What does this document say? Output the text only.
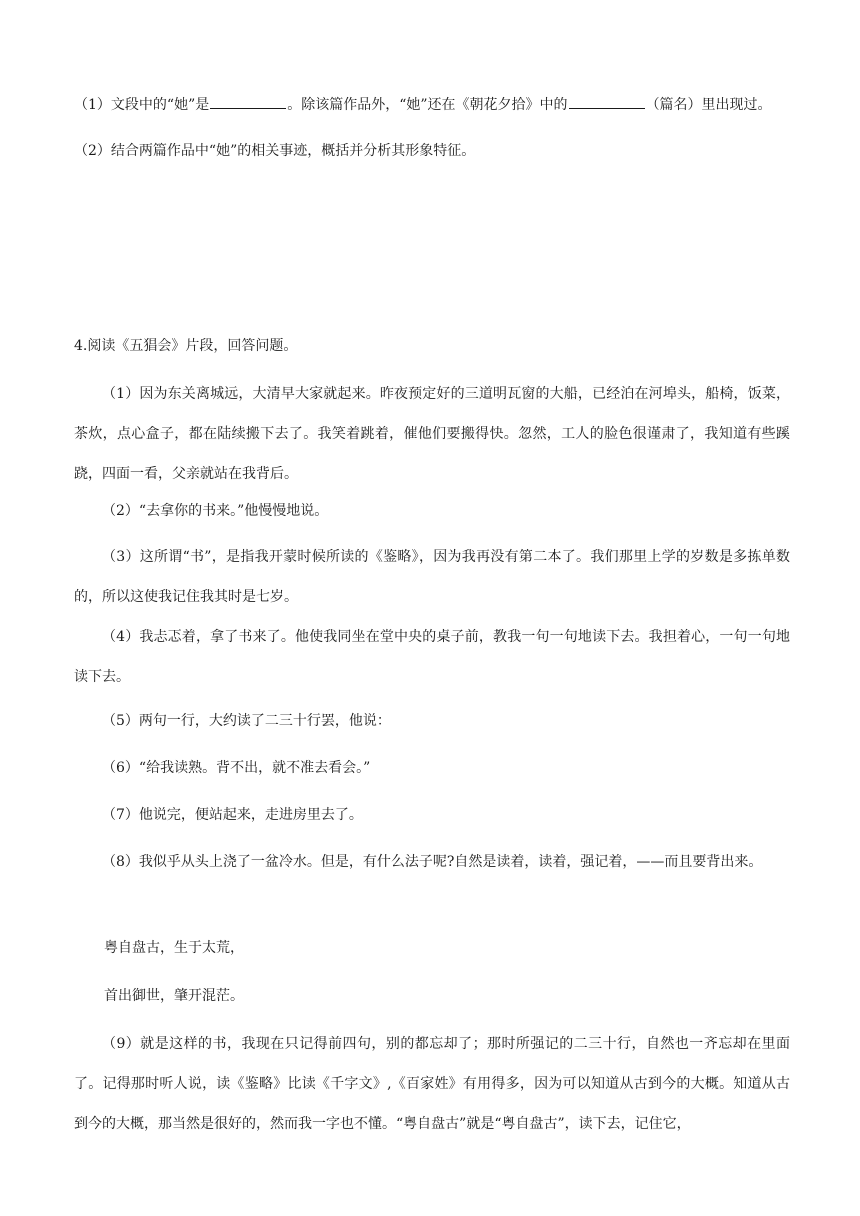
（1）文段中的“她”是	。除该篇作品外，“她”还在《朝花夕拾》中的	（篇名）里出现过。
（2）结合两篇作品中“她”的相关事迹，概括并分析其形象特征。
4.阅读《五猖会》片段，回答问题。
（1）因为东关离城远，大清早大家就起来。昨夜预定好的三道明瓦窗的大船，已经泊在河埠头，船椅，饭菜，茶炊，点心盒子，都在陆续搬下去了。我笑着跳着，催他们要搬得快。忽然，工人的脸色很谨肃了，我知道有些蹊跷，四面一看，父亲就站在我背后。
（2）“去拿你的书来。”他慢慢地说。
（3）这所谓“书”，是指我开蒙时候所读的《鉴略》，因为我再没有第二本了。我们那里上学的岁数是多拣单数的，所以这使我记住我其时是七岁。
（4）我忐忑着，拿了书来了。他使我同坐在堂中央的桌子前，教我一句一句地读下去。我担着心，一句一句地读下去。
（5）两句一行，大约读了二三十行罢，他说：
（6）“给我读熟。背不出，就不准去看会。”
（7）他说完，便站起来，走进房里去了。
（8）我似乎从头上浇了一盆冷水。但是，有什么法子呢?自然是读着，读着，强记着，——而且要背出来。
粤自盘古，生于太荒，
首出御世，肇开混茫。
（9）就是这样的书，我现在只记得前四句，别的都忘却了；那时所强记的二三十行，自然也一齐忘却在里面了。记得那时听人说，读《鉴略》比读《千字文》,《百家姓》有用得多，因为可以知道从古到今的大概。知道从古到今的大概，那当然是很好的，然而我一字也不懂。“粤自盘古”就是“粤自盘古”，读下去，记住它，
